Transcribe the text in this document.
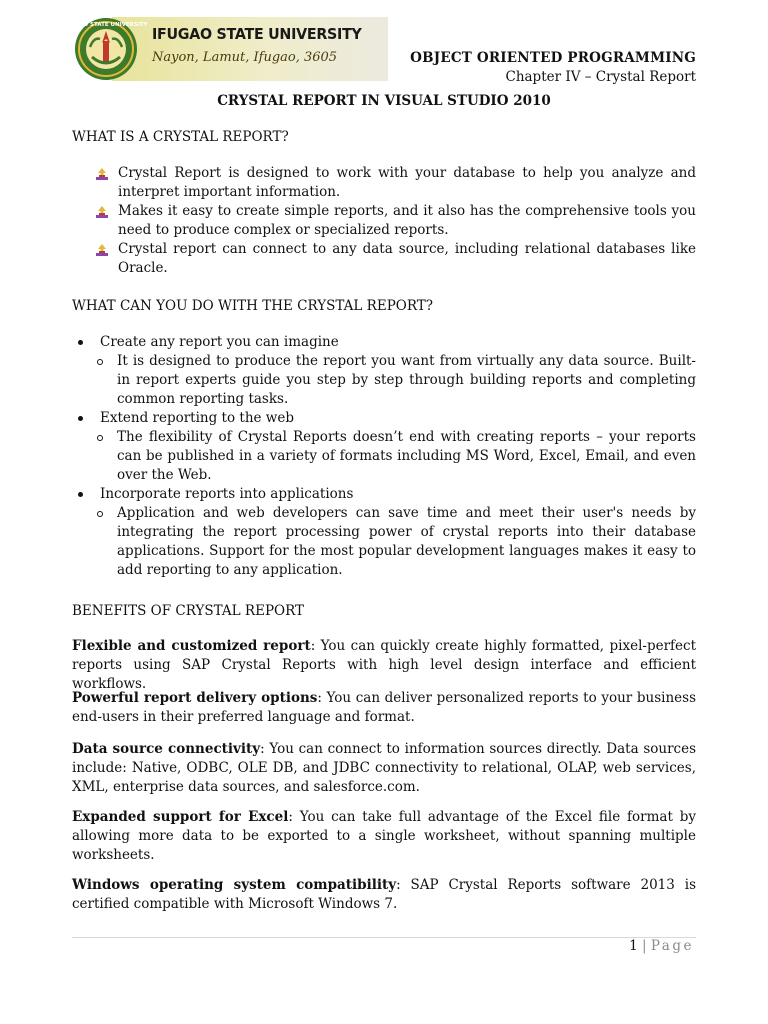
IFUGAO STATE UNIVERSITY IFUGAO STATE UNIVERSITY
Nayon, Lamut, Ifugao, 3605	OBJECT ORIENTED PROGRAMMING
Chapter IV – Crystal Report
CRYSTAL REPORT IN VISUAL STUDIO 2010
WHAT IS A CRYSTAL REPORT?

Crystal Report is designed to work with your database to help you analyze and interpret important information.

Makes it easy to create simple reports, and it also has the comprehensive tools you need to produce complex or specialized reports.

Crystal report can connect to any data source, including relational databases like Oracle.

WHAT CAN YOU DO WITH THE CRYSTAL REPORT?

Create any report you can imagine

It is designed to produce the report you want from virtually any data source. Built-in report experts guide you step by step through building reports and completing common reporting tasks.

Extend reporting to the web

The flexibility of Crystal Reports doesn’t end with creating reports – your reports can be published in a variety of formats including MS Word, Excel, Email, and even over the Web.

Incorporate reports into applications

Application and web developers can save time and meet their user's needs by integrating the report processing power of crystal reports into their database applications. Support for the most popular development languages makes it easy to add reporting to any application.

BENEFITS OF CRYSTAL REPORT
Flexible and customized report: You can quickly create highly formatted, pixel-perfect reports using SAP Crystal Reports with high level design interface and efficient workflows.
Powerful report delivery options: You can deliver personalized reports to your business end-users in their preferred language and format.
Data source connectivity: You can connect to information sources directly. Data sources include: Native, ODBC, OLE DB, and JDBC connectivity to relational, OLAP, web services, XML, enterprise data sources, and salesforce.com.
Expanded support for Excel: You can take full advantage of the Excel file format by allowing more data to be exported to a single worksheet, without spanning multiple worksheets.
Windows operating system compatibility: SAP Crystal Reports software 2013 is certified compatible with Microsoft Windows 7.
1 | Page
